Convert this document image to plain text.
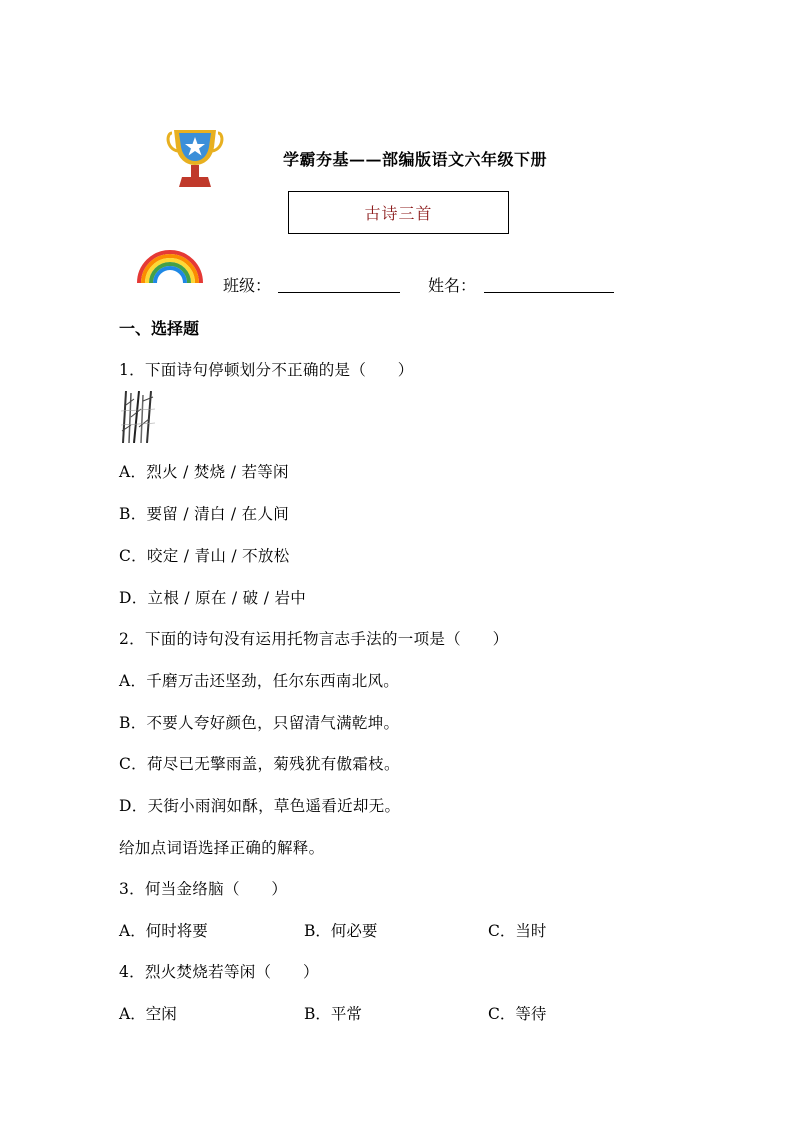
学霸夯基——部编版语文六年级下册
古诗三首
班级：	姓名：
一、选择题
1．下面诗句停顿划分不正确的是（　　）
A．烈火 / 焚烧 / 若等闲
B．要留 / 清白 / 在人间
C．咬定 / 青山 / 不放松
D．立根 / 原在 / 破 / 岩中
2．下面的诗句没有运用托物言志手法的一项是（　　）
A．千磨万击还坚劲，任尔东西南北风。
B．不要人夸好颜色，只留清气满乾坤。
C．荷尽已无擎雨盖，菊残犹有傲霜枝。
D．天街小雨润如酥，草色遥看近却无。
给加点词语选择正确的解释。
3．何当金络脑（　　）
A．何时将要	B．何必要	C．当时
4．烈火焚烧若等闲（　　）
A．空闲	B．平常	C．等待
